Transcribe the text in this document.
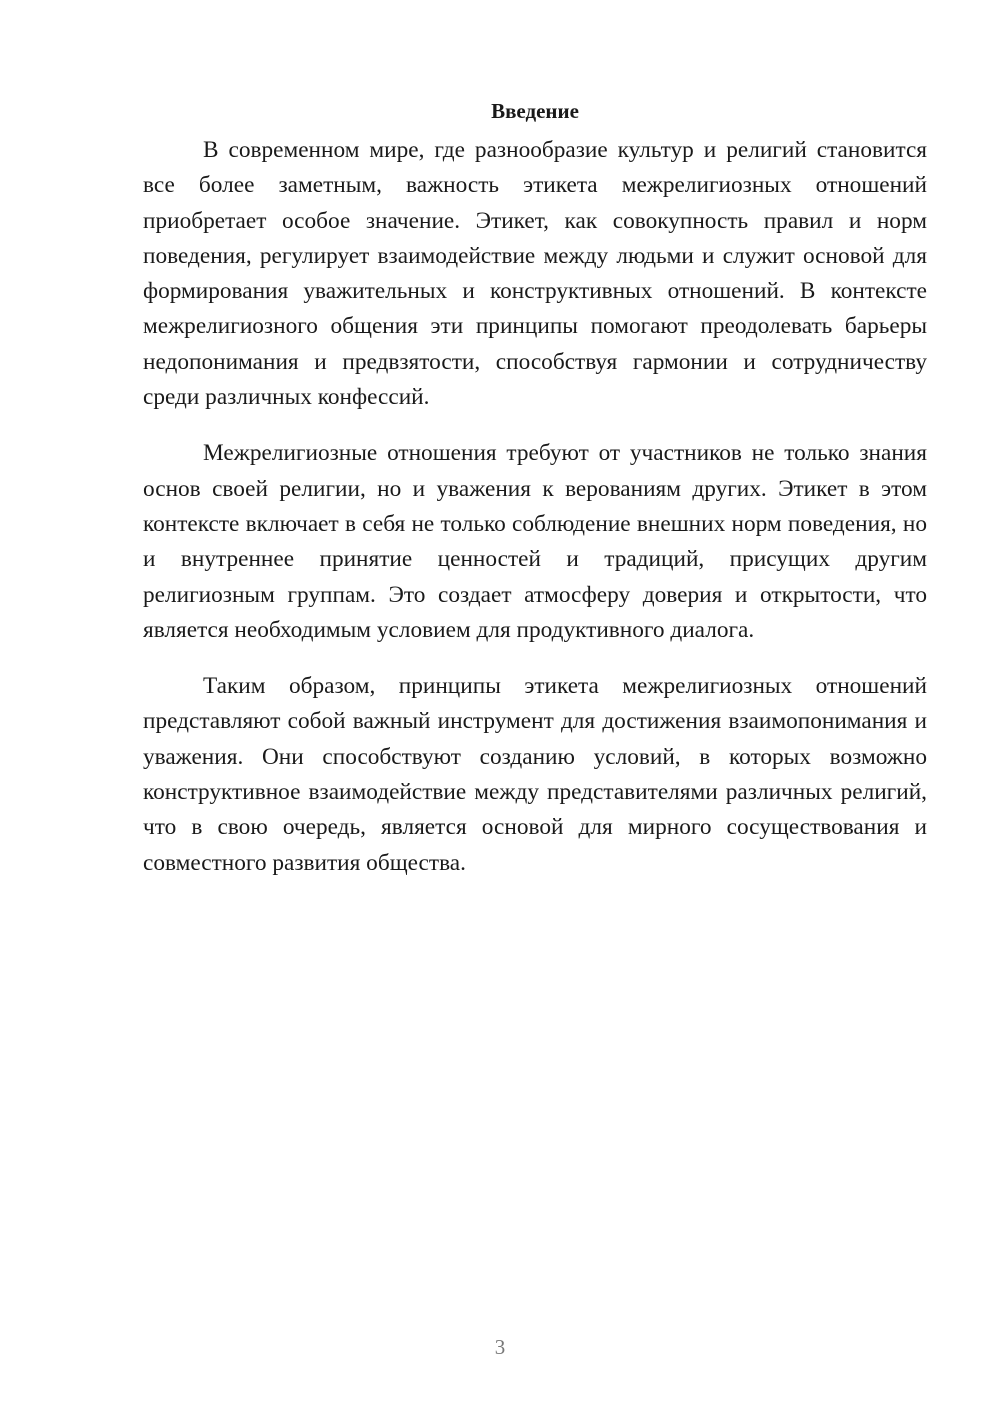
Введение

В современном мире, где разнообразие культур и религий становится все более заметным, важность этикета межрелигиозных отношений приобретает особое значение. Этикет, как совокупность правил и норм поведения, регулирует взаимодействие между людьми и служит основой для формирования уважительных и конструктивных отношений. В контексте межрелигиозного общения эти принципы помогают преодолевать барьеры недопонимания и предвзятости, способствуя гармонии и сотрудничеству среди различных конфессий.

Межрелигиозные отношения требуют от участников не только знания основ своей религии, но и уважения к верованиям других. Этикет в этом контексте включает в себя не только соблюдение внешних норм поведения, но и внутреннее принятие ценностей и традиций, присущих другим религиозным группам. Это создает атмосферу доверия и открытости, что является необходимым условием для продуктивного диалога.

Таким образом, принципы этикета межрелигиозных отношений представляют собой важный инструмент для достижения взаимопонимания и уважения. Они способствуют созданию условий, в которых возможно конструктивное взаимодействие между представителями различных религий, что в свою очередь, является основой для мирного сосуществования и совместного развития общества.

3
